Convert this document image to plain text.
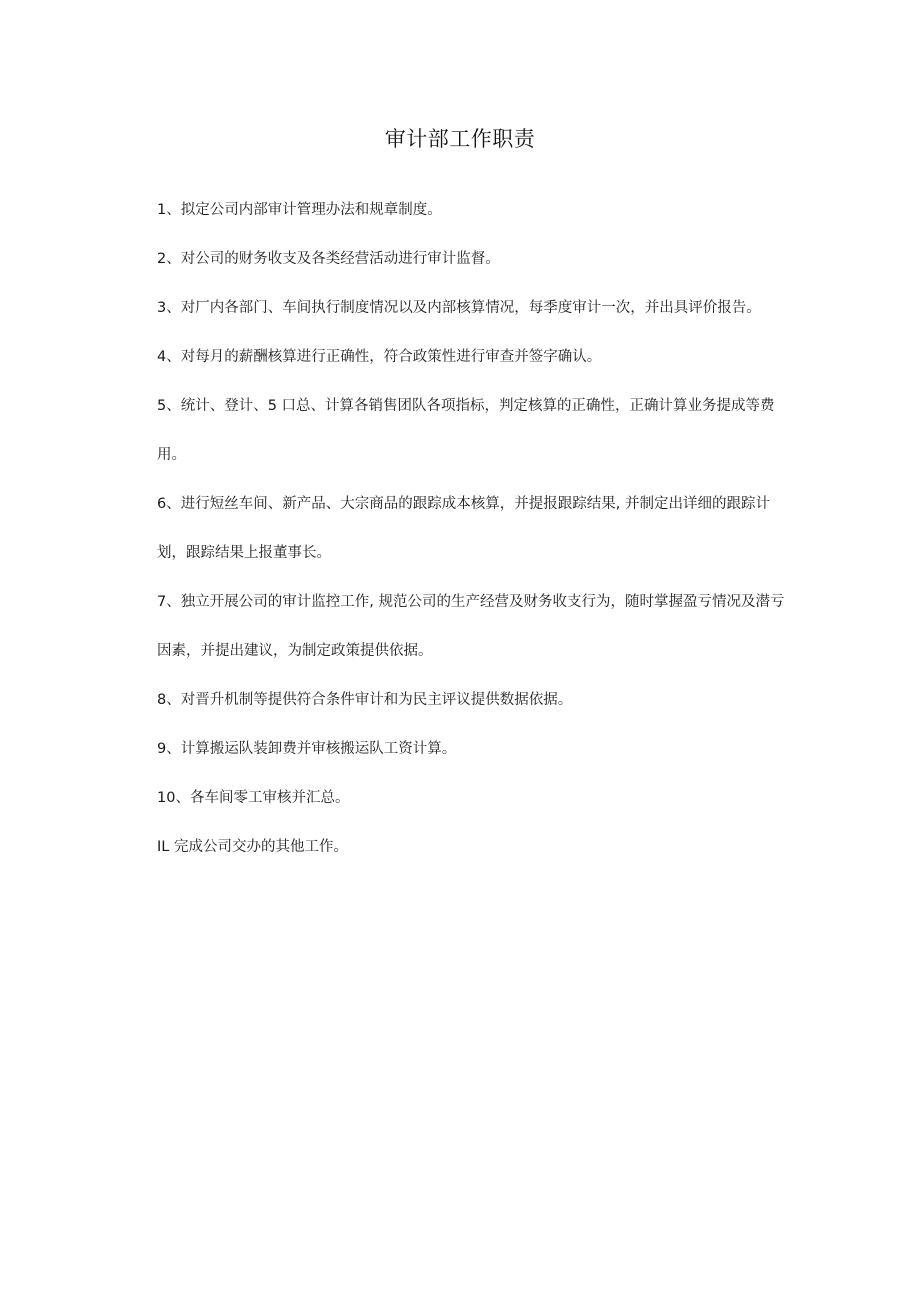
审计部工作职责
1、拟定公司内部审计管理办法和规章制度。
2、对公司的财务收支及各类经营活动进行审计监督。
3、对厂内各部门、车间执行制度情况以及内部核算情况，每季度审计一次，并出具评价报告。
4、对每月的薪酬核算进行正确性，符合政策性进行审查并签字确认。
5、统计、登计、5 口总、计算各销售团队各项指标，判定核算的正确性，正确计算业务提成等费用。
6、进行短丝车间、新产品、大宗商品的跟踪成本核算，并提报跟踪结果, 并制定出详细的跟踪计划，跟踪结果上报董事长。
7、独立开展公司的审计监控工作, 规范公司的生产经营及财务收支行为，随时掌握盈亏情况及潜亏因素，并提出建议，为制定政策提供依据。
8、对晋升机制等提供符合条件审计和为民主评议提供数据依据。
9、计算搬运队装卸费并审核搬运队工资计算。
10、各车间零工审核并汇总。
IL 完成公司交办的其他工作。
